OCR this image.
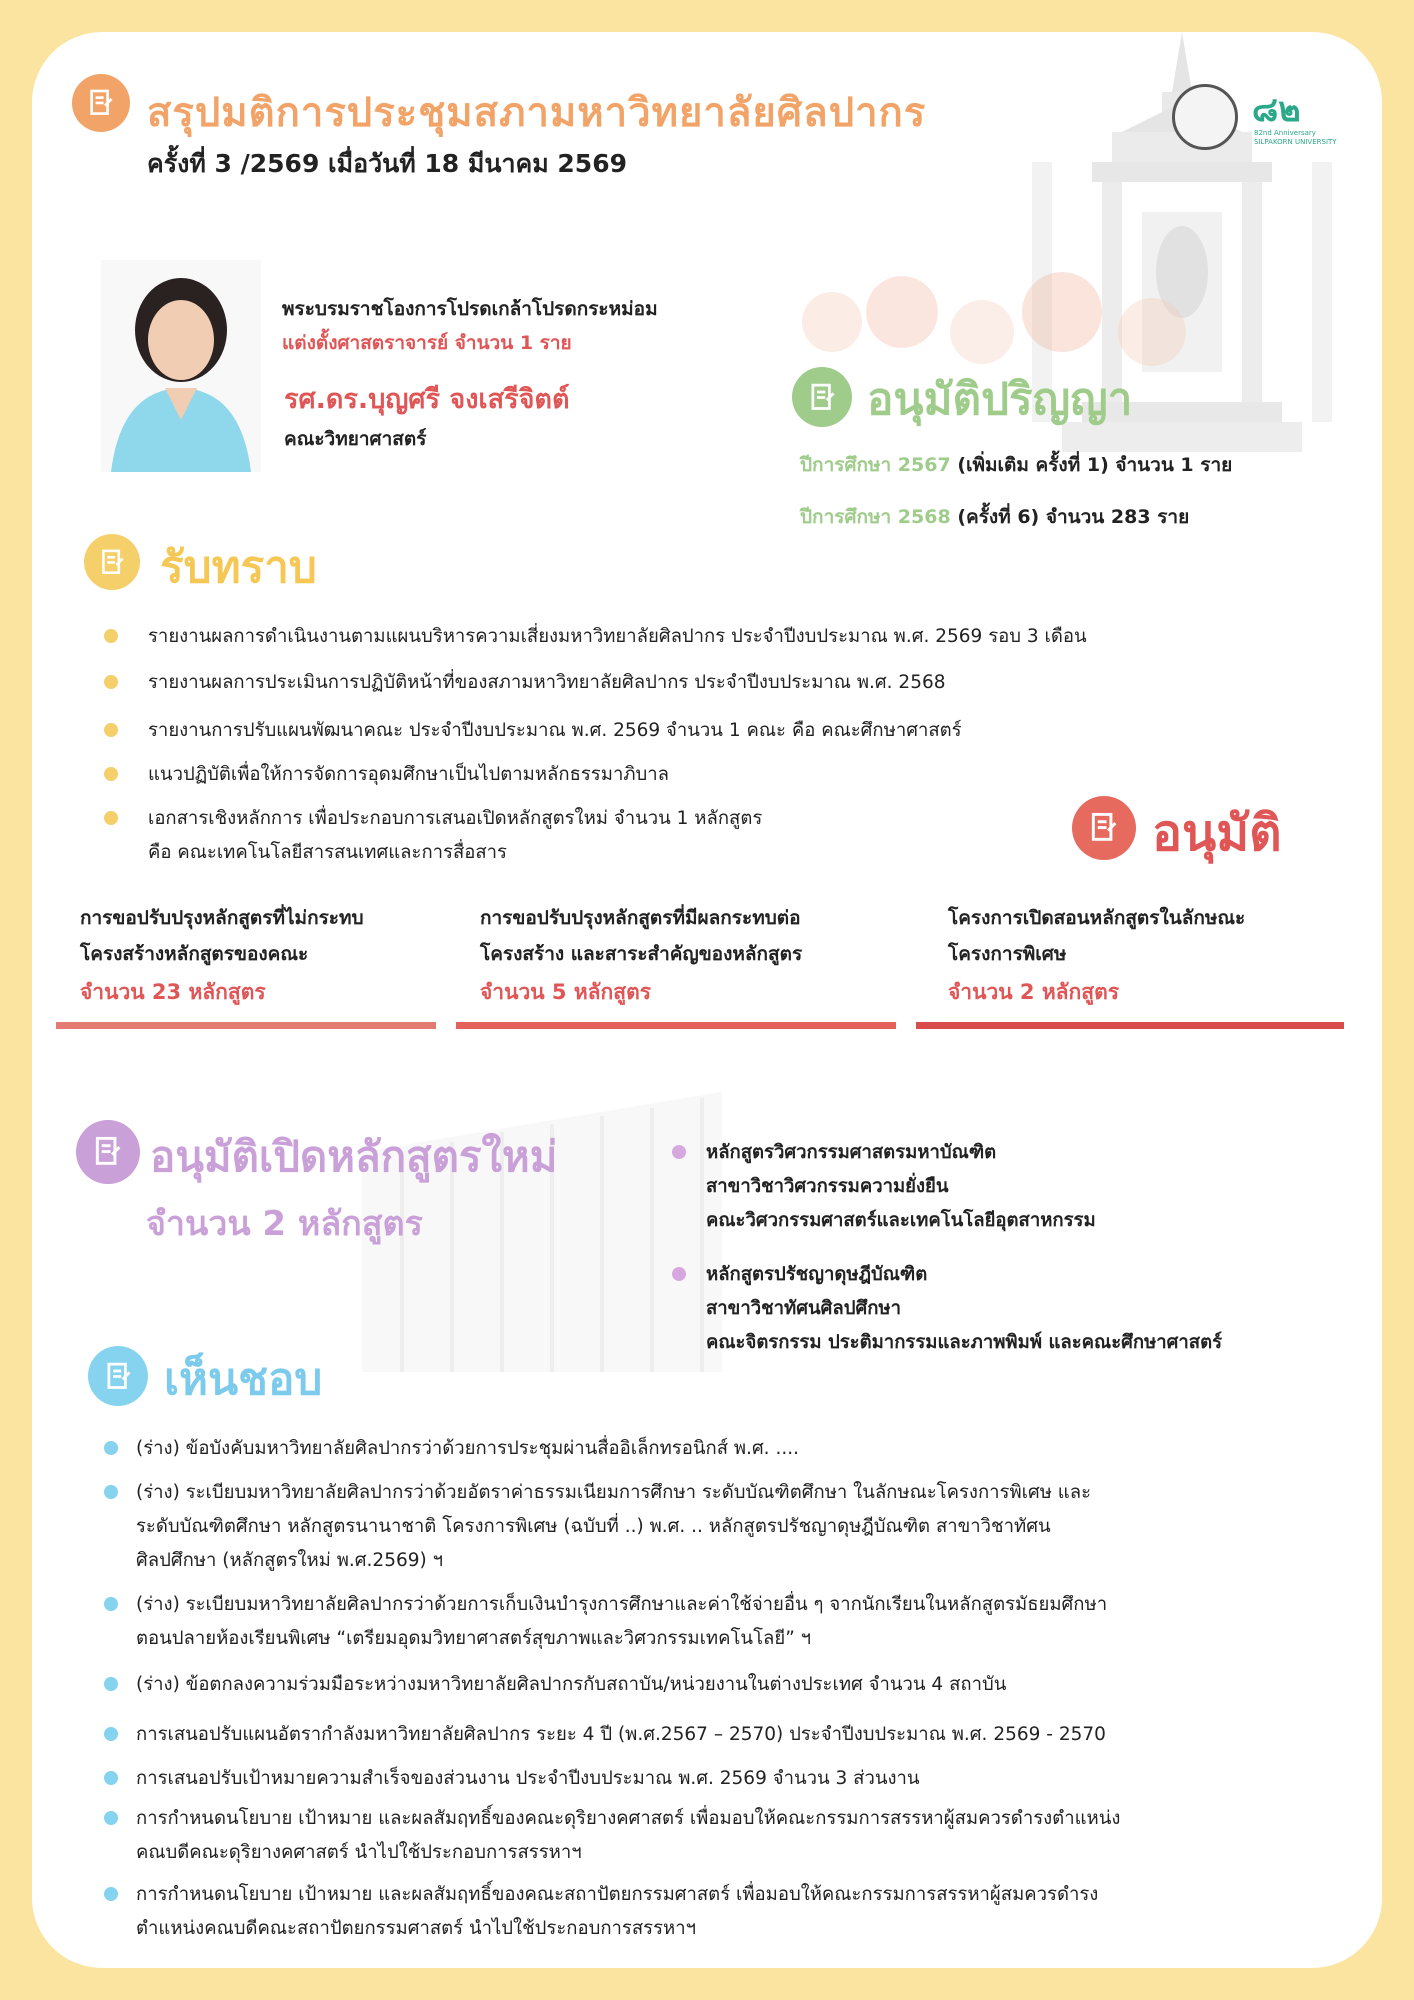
สรุปมติการประชุมสภามหาวิทยาลัยศิลปากร
ครั้งที่ 3 /2569 เมื่อวันที่ 18 มีนาคม 2569
๘๒
82nd Anniversary
SILPAKORN UNIVERSITY
พระบรมราชโองการโปรดเกล้าโปรดกระหม่อม
แต่งตั้งศาสตราจารย์ จำนวน 1 ราย
รศ.ดร.บุญศรี จงเสรีจิตต์
คณะวิทยาศาสตร์
อนุมัติปริญญา
ปีการศึกษา 2567 (เพิ่มเติม ครั้งที่ 1) จำนวน 1 ราย
ปีการศึกษา 2568 (ครั้งที่ 6) จำนวน 283 ราย
รับทราบ
รายงานผลการดำเนินงานตามแผนบริหารความเสี่ยงมหาวิทยาลัยศิลปากร ประจำปีงบประมาณ พ.ศ. 2569 รอบ 3 เดือน
รายงานผลการประเมินการปฏิบัติหน้าที่ของสภามหาวิทยาลัยศิลปากร ประจำปีงบประมาณ พ.ศ. 2568
รายงานการปรับแผนพัฒนาคณะ ประจำปีงบประมาณ พ.ศ. 2569 จำนวน 1 คณะ คือ คณะศึกษาศาสตร์
แนวปฏิบัติเพื่อให้การจัดการอุดมศึกษาเป็นไปตามหลักธรรมาภิบาล
เอกสารเชิงหลักการ เพื่อประกอบการเสนอเปิดหลักสูตรใหม่ จำนวน 1 หลักสูตร
คือ คณะเทคโนโลยีสารสนเทศและการสื่อสาร	อนุมัติ
การขอปรับปรุงหลักสูตรที่ไม่กระทบ
โครงสร้างหลักสูตรของคณะ
จำนวน 23 หลักสูตร
การขอปรับปรุงหลักสูตรที่มีผลกระทบต่อ
โครงสร้าง และสาระสำคัญของหลักสูตร
จำนวน 5 หลักสูตร
โครงการเปิดสอนหลักสูตรในลักษณะ
โครงการพิเศษ
จำนวน 2 หลักสูตร
อนุมัติเปิดหลักสูตรใหม่
จำนวน 2 หลักสูตร
หลักสูตรวิศวกรรมศาสตรมหาบัณฑิต
สาขาวิชาวิศวกรรมความยั่งยืน
คณะวิศวกรรมศาสตร์และเทคโนโลยีอุตสาหกรรม
หลักสูตรปรัชญาดุษฎีบัณฑิต
สาขาวิชาทัศนศิลปศึกษา
คณะจิตรกรรม ประติมากรรมและภาพพิมพ์ และคณะศึกษาศาสตร์
เห็นชอบ
(ร่าง) ข้อบังคับมหาวิทยาลัยศิลปากรว่าด้วยการประชุมผ่านสื่ออิเล็กทรอนิกส์ พ.ศ. ....
(ร่าง) ระเบียบมหาวิทยาลัยศิลปากรว่าด้วยอัตราค่าธรรมเนียมการศึกษา ระดับบัณฑิตศึกษา ในลักษณะโครงการพิเศษ และ
ระดับบัณฑิตศึกษา หลักสูตรนานาชาติ โครงการพิเศษ (ฉบับที่ ..) พ.ศ. .. หลักสูตรปรัชญาดุษฎีบัณฑิต สาขาวิชาทัศน
ศิลปศึกษา (หลักสูตรใหม่ พ.ศ.2569) ฯ
(ร่าง) ระเบียบมหาวิทยาลัยศิลปากรว่าด้วยการเก็บเงินบำรุงการศึกษาและค่าใช้จ่ายอื่น ๆ จากนักเรียนในหลักสูตรมัธยมศึกษา
ตอนปลายห้องเรียนพิเศษ “เตรียมอุดมวิทยาศาสตร์สุขภาพและวิศวกรรมเทคโนโลยี” ฯ
(ร่าง) ข้อตกลงความร่วมมือระหว่างมหาวิทยาลัยศิลปากรกับสถาบัน/หน่วยงานในต่างประเทศ จำนวน 4 สถาบัน
การเสนอปรับแผนอัตรากำลังมหาวิทยาลัยศิลปากร ระยะ 4 ปี (พ.ศ.2567 – 2570) ประจำปีงบประมาณ พ.ศ. 2569 - 2570
การเสนอปรับเป้าหมายความสำเร็จของส่วนงาน ประจำปีงบประมาณ พ.ศ. 2569 จำนวน 3 ส่วนงาน
การกำหนดนโยบาย เป้าหมาย และผลสัมฤทธิ์ของคณะดุริยางคศาสตร์ เพื่อมอบให้คณะกรรมการสรรหาผู้สมควรดำรงตำแหน่ง
คณบดีคณะดุริยางคศาสตร์ นำไปใช้ประกอบการสรรหาฯ
การกำหนดนโยบาย เป้าหมาย และผลสัมฤทธิ์ของคณะสถาปัตยกรรมศาสตร์ เพื่อมอบให้คณะกรรมการสรรหาผู้สมควรดำรง
ตำแหน่งคณบดีคณะสถาปัตยกรรมศาสตร์ นำไปใช้ประกอบการสรรหาฯ
